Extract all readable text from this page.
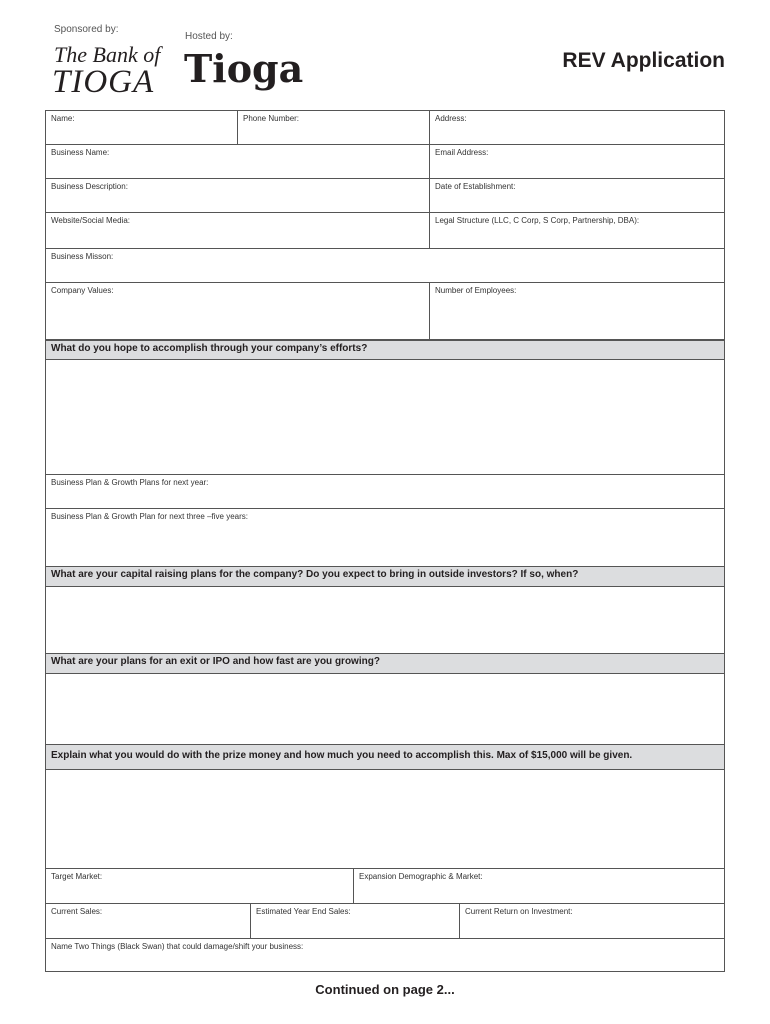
Sponsored by:
Hosted by:
The Bank of
TIOGA Tioga	REV Application
Name:	Phone Number:	Address:
Business Name:	Email Address:
Business Description:	Date of Establishment:
Website/Social Media:	Legal Structure (LLC, C Corp, S Corp, Partnership, DBA):
Business Misson:
Company Values:	Number of Employees:
What do you hope to accomplish through your company’s efforts?
Business Plan & Growth Plans for next year:
Business Plan & Growth Plan for next three –five years:
What are your capital raising plans for the company? Do you expect to bring in outside investors? If so, when?
What are your plans for an exit or IPO and how fast are you growing?
Explain what you would do with the prize money and how much you need to accomplish this. Max of $15,000 will be given.
Target Market:	Expansion Demographic & Market:
Current Sales:	Estimated Year End Sales:	Current Return on Investment:
Name Two Things (Black Swan) that could damage/shift your business:
Continued on page 2...
